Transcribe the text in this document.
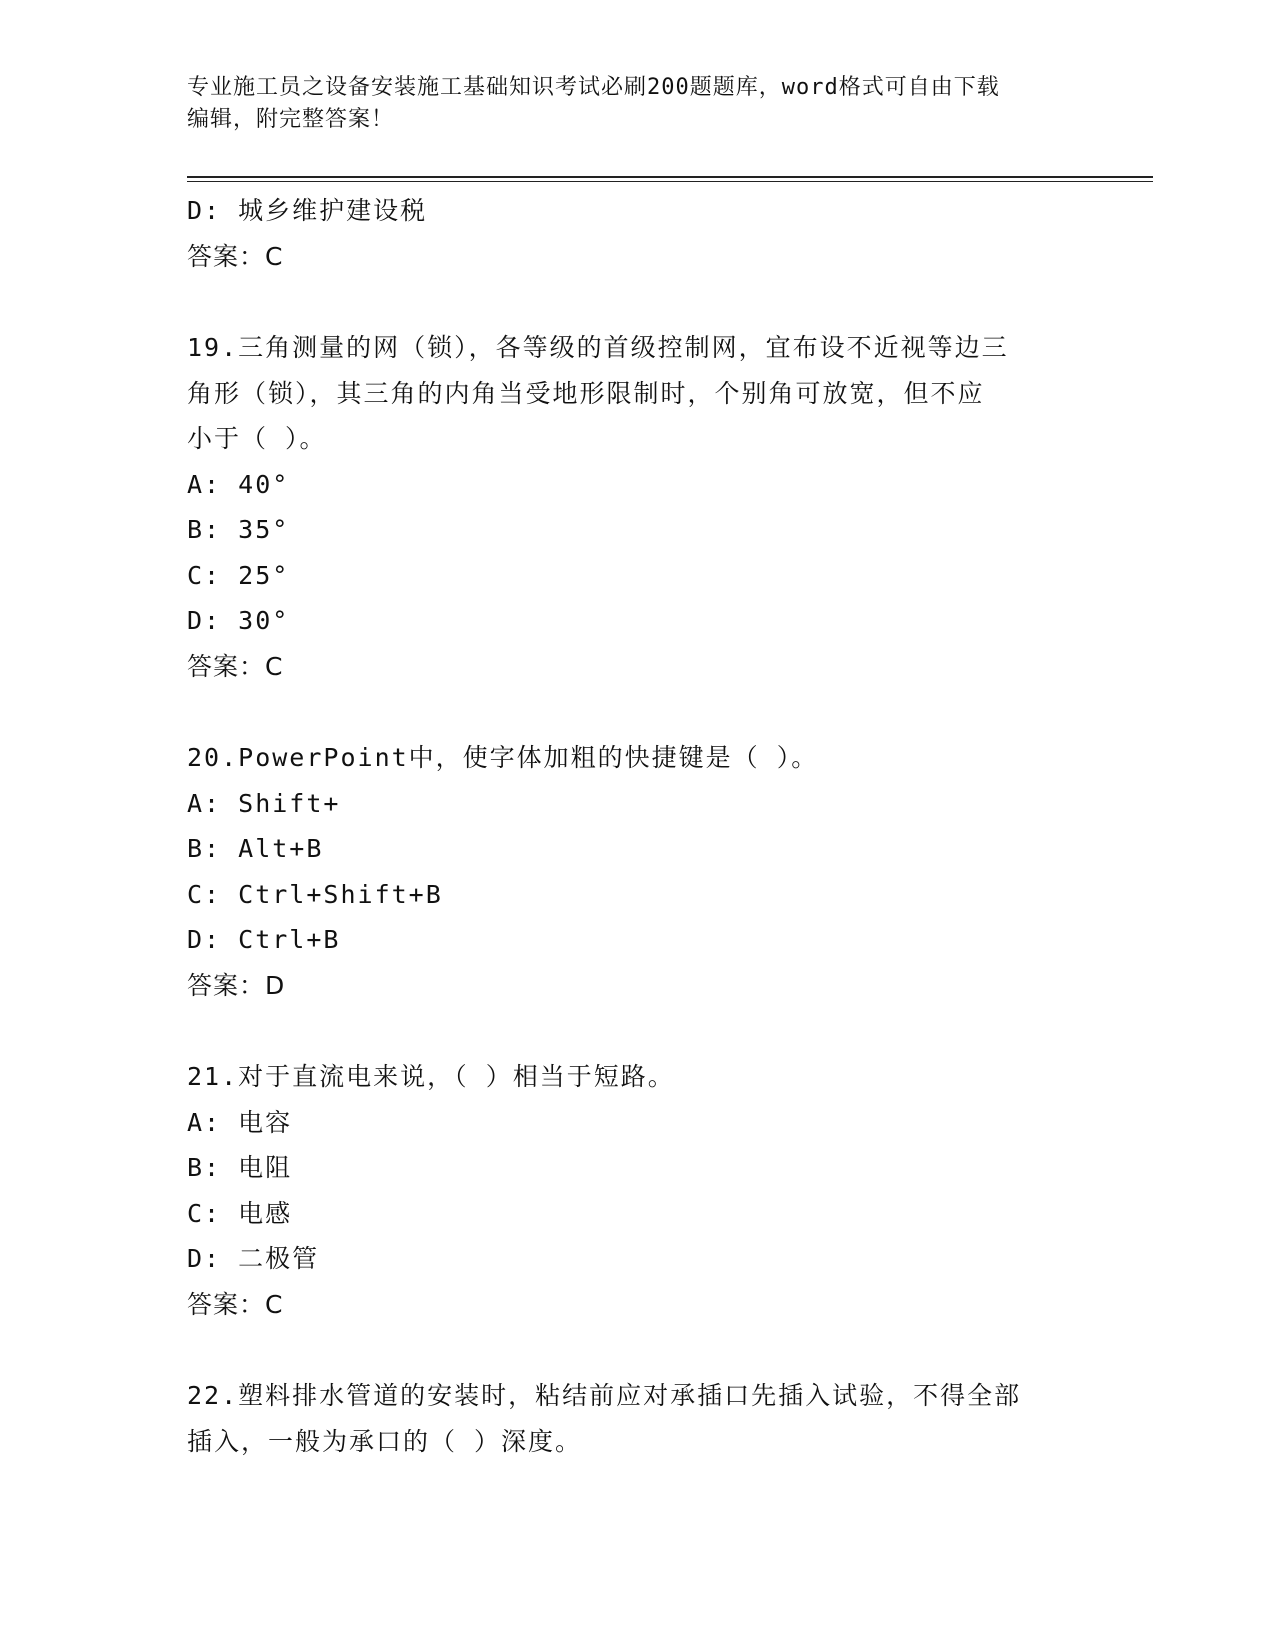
专业施工员之设备安装施工基础知识考试必刷200题题库，word格式可自由下载
编辑，附完整答案！
D: 城乡维护建设税
答案：C
19.三角测量的网（锁），各等级的首级控制网，宜布设不近视等边三
角形（锁），其三角的内角当受地形限制时，个别角可放宽，但不应
小于（ ）。
A: 40°
B: 35°
C: 25°
D: 30°
答案：C
20.PowerPoint中，使字体加粗的快捷键是（ ）。
A: Shift+
B: Alt+B
C: Ctrl+Shift+B
D: Ctrl+B
答案：D
21.对于直流电来说，（ ）相当于短路。
A: 电容
B: 电阻
C: 电感
D: 二极管
答案：C
22.塑料排水管道的安装时，粘结前应对承插口先插入试验，不得全部
插入，一般为承口的（ ）深度。
